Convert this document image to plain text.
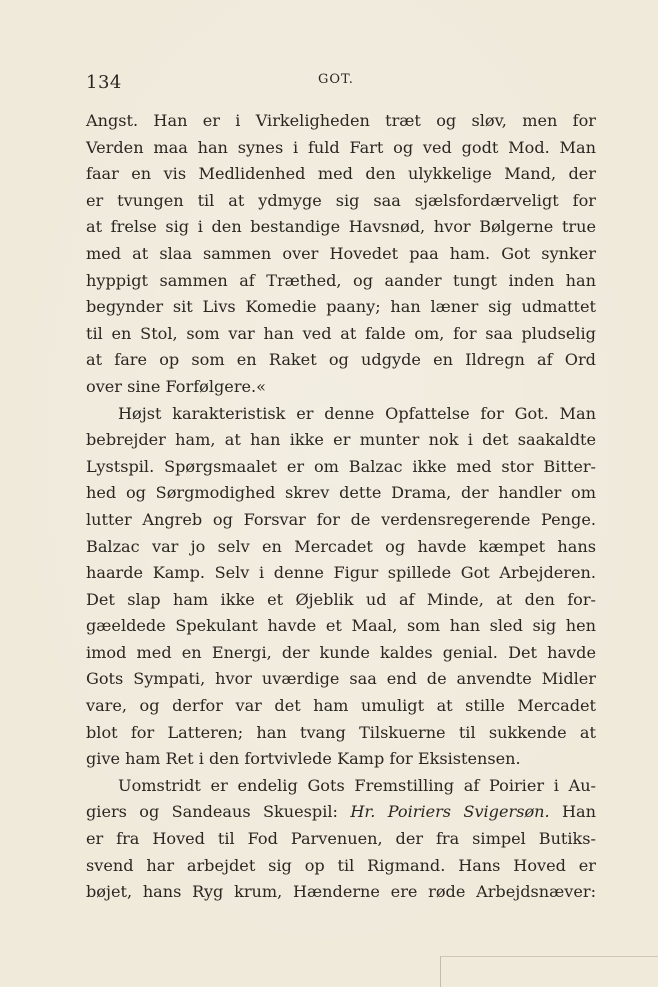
134	GOT.
Angst. Han er i Virkeligheden træt og sløv, men for
Verden maa han synes i fuld Fart og ved godt Mod. Man
faar en vis Medlidenhed med den ulykkelige Mand, der
er tvungen til at ydmyge sig saa sjælsfordærveligt for
at frelse sig i den bestandige Havsnød, hvor Bølgerne true
med at slaa sammen over Hovedet paa ham. Got synker
hyppigt sammen af Træthed, og aander tungt inden han
begynder sit Livs Komedie paany; han læner sig udmattet
til en Stol, som var han ved at falde om, for saa pludselig
at fare op som en Raket og udgyde en Ildregn af Ord
over sine Forfølgere.«
Højst karakteristisk er denne Opfattelse for Got. Man
bebrejder ham, at han ikke er munter nok i det saakaldte
Lystspil. Spørgsmaalet er om Balzac ikke med stor Bitter-
hed og Sørgmodighed skrev dette Drama, der handler om
lutter Angreb og Forsvar for de verdensregerende Penge.
Balzac var jo selv en Mercadet og havde kæmpet hans
haarde Kamp. Selv i denne Figur spillede Got Arbejderen.
Det slap ham ikke et Øjeblik ud af Minde, at den for-
gæeldede Spekulant havde et Maal, som han sled sig hen
imod med en Energi, der kunde kaldes genial. Det havde
Gots Sympati, hvor uværdige saa end de anvendte Midler
vare, og derfor var det ham umuligt at stille Mercadet
blot for Latteren; han tvang Tilskuerne til sukkende at
give ham Ret i den fortvivlede Kamp for Eksistensen.
Uomstridt er endelig Gots Fremstilling af Poirier i Au-
giers og Sandeaus Skuespil: Hr. Poiriers Svigersøn. Han
er fra Hoved til Fod Parvenuen, der fra simpel Butiks-
svend har arbejdet sig op til Rigmand. Hans Hoved er
bøjet, hans Ryg krum, Hænderne ere røde Arbejdsnæver:
